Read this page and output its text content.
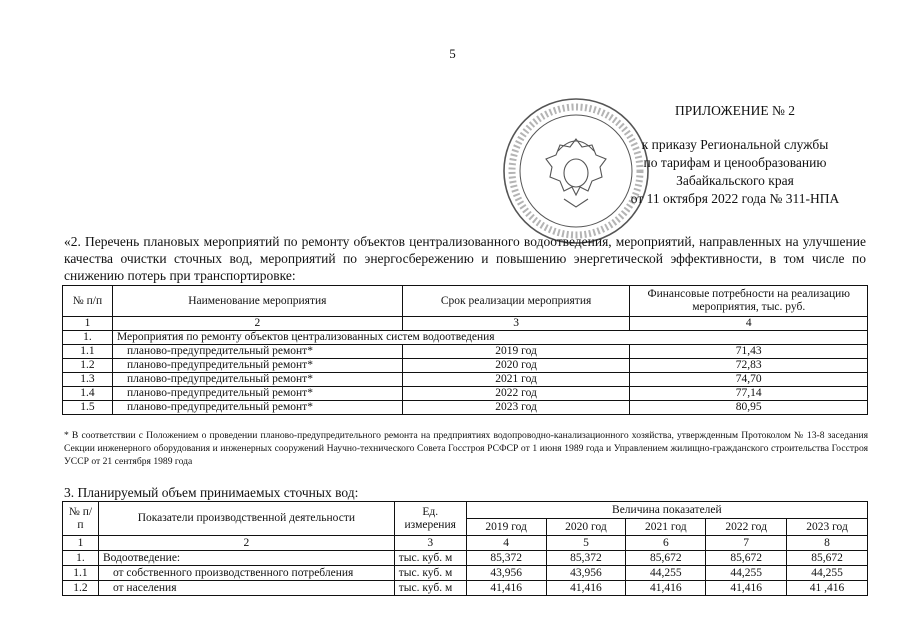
5
ПРИЛОЖЕНИЕ № 2
к приказу Региональной службы
по тарифам и ценообразованию
Забайкальского края
от 11 октября 2022 года № 311-НПА
«2. Перечень плановых мероприятий по ремонту объектов централизованного водоотведения, мероприятий, направленных на улучшение качества очистки сточных вод, мероприятий по энергосбережению и повышению энергетической эффективности, в том числе по снижению потерь при транспортировке:
№ п/п	Наименование мероприятия	Срок реализации мероприятия	Финансовые потребности на реализацию мероприятия, тыс. руб.
1	2	3	4
1.	Мероприятия по ремонту объектов централизованных систем водоотведения		
1.1	планово-предупредительный ремонт*	2019 год	71,43
1.2	планово-предупредительный ремонт*	2020 год	72,83
1.3	планово-предупредительный ремонт*	2021 год	74,70
1.4	планово-предупредительный ремонт*	2022 год	77,14
1.5	планово-предупредительный ремонт*	2023 год	80,95
* В соответствии с Положением о проведении планово-предупредительного ремонта на предприятиях водопроводно-канализационного хозяйства, утвержденным Протоколом № 13-8 заседания Секции инженерного оборудования и инженерных сооружений Научно-технического Совета Госстроя РСФСР от 1 июня 1989 года и Управлением жилищно-гражданского строительства Госстроя УССР от 21 сентября 1989 года
3. Планируемый объем принимаемых сточных вод:
№ п/п	Показатели производственной деятельности	Ед. измерения	Величина показателей				
			2019 год	2020 год	2021 год	2022 год	2023 год
1	2	3	4	5	6	7	8
1.	Водоотведение:	тыс. куб. м	85,372	85,372	85,672	85,672	85,672
1.1	от собственного производственного потребления	тыс. куб. м	43,956	43,956	44,255	44,255	44,255
1.2	от населения	тыс. куб. м	41,416	41,416	41,416	41,416	41 ,416
